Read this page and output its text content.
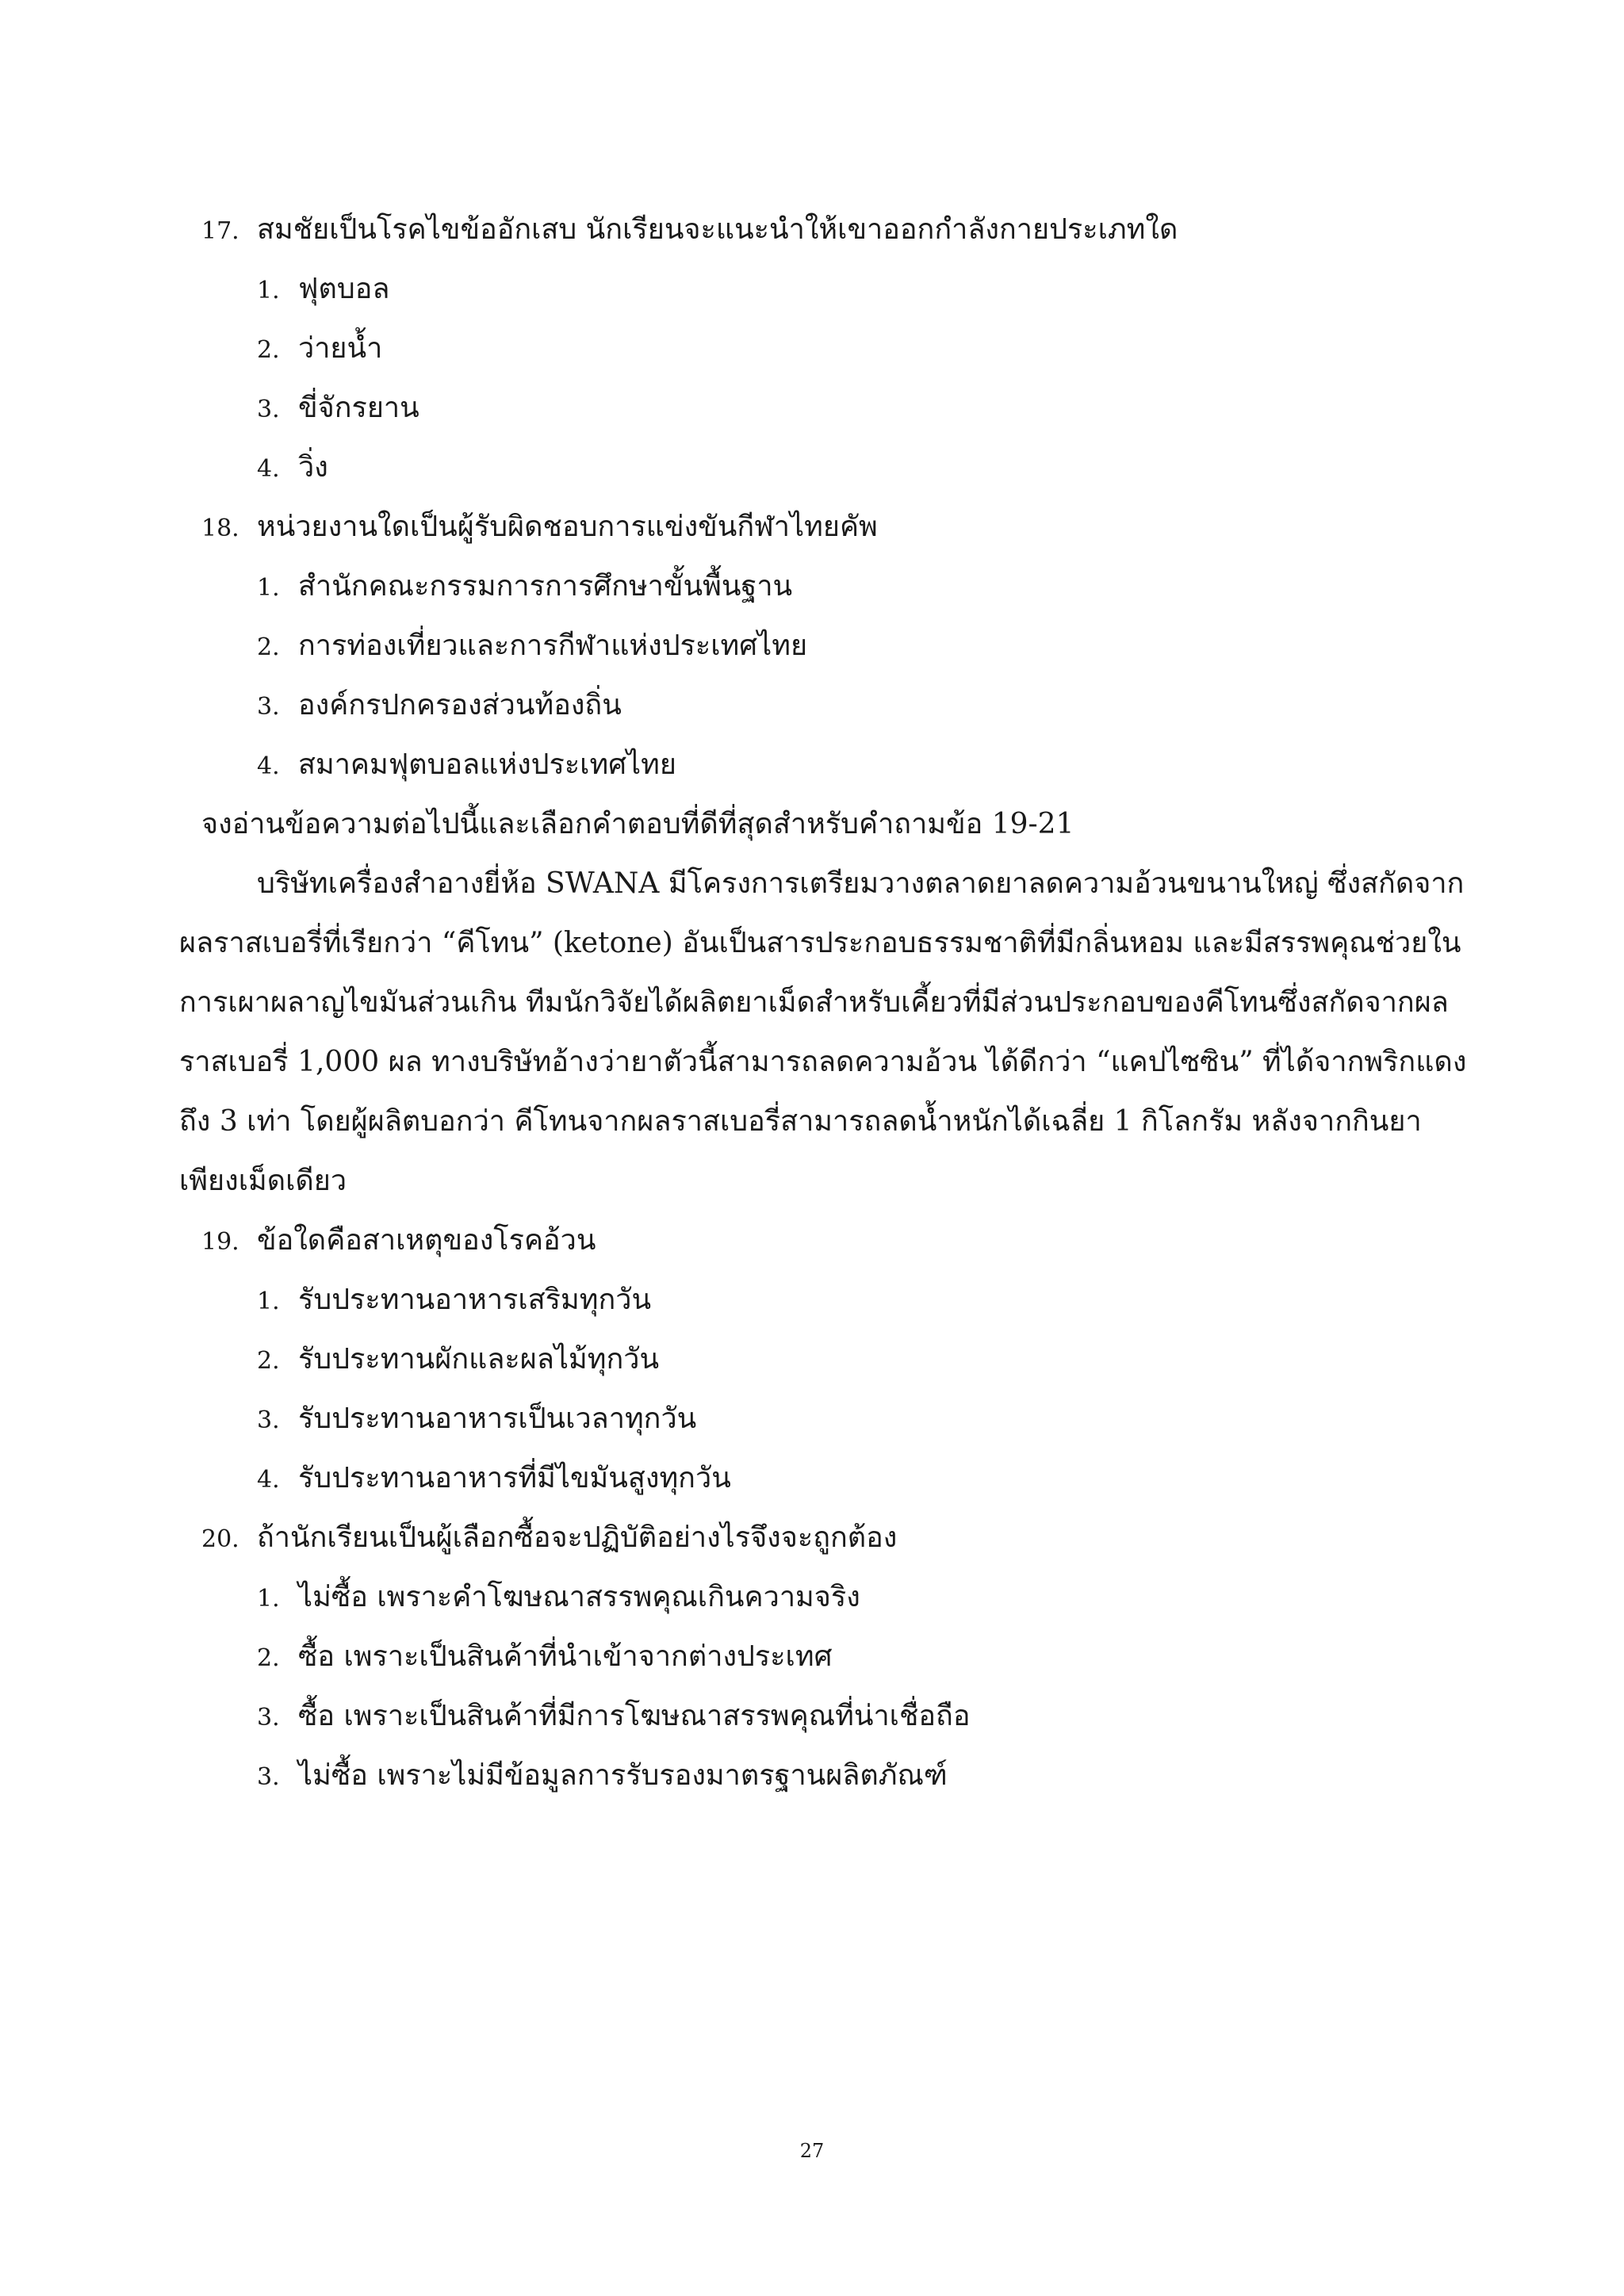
17. สมชัยเป็นโรคไขข้ออักเสบ นักเรียนจะแนะนำให้เขาออกกำลังกายประเภทใด
1. ฟุตบอล
2. ว่ายน้ำ
3. ขี่จักรยาน
4. วิ่ง
18. หน่วยงานใดเป็นผู้รับผิดชอบการแข่งขันกีฬาไทยคัพ
1. สำนักคณะกรรมการการศึกษาขั้นพื้นฐาน
2. การท่องเที่ยวและการกีฬาแห่งประเทศไทย
3. องค์กรปกครองส่วนท้องถิ่น
4. สมาคมฟุตบอลแห่งประเทศไทย
จงอ่านข้อความต่อไปนี้และเลือกคำตอบที่ดีที่สุดสำหรับคำถามข้อ 19-21
บริษัทเครื่องสำอางยี่ห้อ SWANA มีโครงการเตรียมวางตลาดยาลดความอ้วนขนานใหญ่ ซึ่งสกัดจาก
ผลราสเบอรี่ที่เรียกว่า “คีโทน” (ketone) อันเป็นสารประกอบธรรมชาติที่มีกลิ่นหอม และมีสรรพคุณช่วยใน
การเผาผลาญไขมันส่วนเกิน ทีมนักวิจัยได้ผลิตยาเม็ดสำหรับเคี้ยวที่มีส่วนประกอบของคีโทนซึ่งสกัดจากผล
ราสเบอรี่ 1,000 ผล ทางบริษัทอ้างว่ายาตัวนี้สามารถลดความอ้วน ได้ดีกว่า “แคปไซซิน” ที่ได้จากพริกแดง
ถึง 3 เท่า โดยผู้ผลิตบอกว่า คีโทนจากผลราสเบอรี่สามารถลดน้ำหนักได้เฉลี่ย 1 กิโลกรัม หลังจากกินยา
เพียงเม็ดเดียว
19. ข้อใดคือสาเหตุของโรคอ้วน
1. รับประทานอาหารเสริมทุกวัน
2. รับประทานผักและผลไม้ทุกวัน
3. รับประทานอาหารเป็นเวลาทุกวัน
4. รับประทานอาหารที่มีไขมันสูงทุกวัน
20. ถ้านักเรียนเป็นผู้เลือกซื้อจะปฏิบัติอย่างไรจึงจะถูกต้อง
1. ไม่ซื้อ เพราะคำโฆษณาสรรพคุณเกินความจริง
2. ซื้อ เพราะเป็นสินค้าที่นำเข้าจากต่างประเทศ
3. ซื้อ เพราะเป็นสินค้าที่มีการโฆษณาสรรพคุณที่น่าเชื่อถือ
3. ไม่ซื้อ เพราะไม่มีข้อมูลการรับรองมาตรฐานผลิตภัณฑ์
27
